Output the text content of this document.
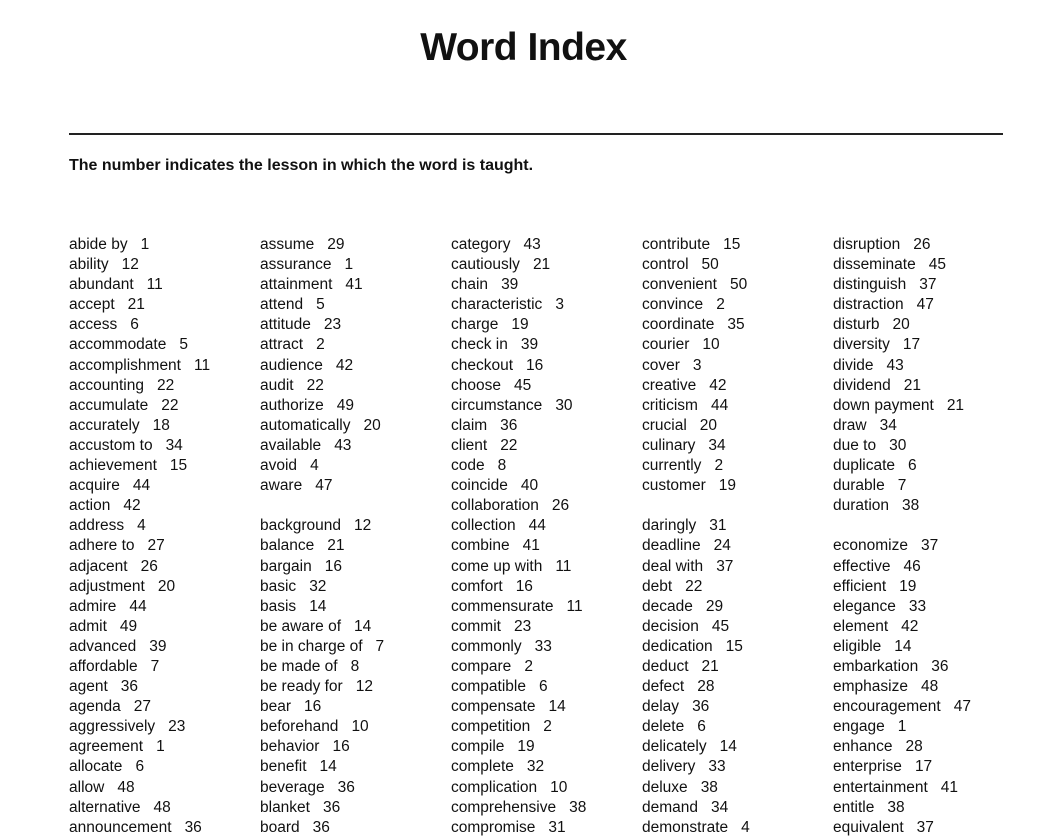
Word Index
The number indicates the lesson in which the word is taught.
abide by 1
ability 12
abundant 11
accept 21
access 6
accommodate 5
accomplishment 11
accounting 22
accumulate 22
accurately 18
accustom to 34
achievement 15
acquire 44
action 42
address 4
adhere to 27
adjacent 26
adjustment 20
admire 44
admit 49
advanced 39
affordable 7
agent 36
agenda 27
aggressively 23
agreement 1
allocate 6
allow 48
alternative 48
announcement 36
assume 29
assurance 1
attainment 41
attend 5
attitude 23
attract 2
audience 42
audit 22
authorize 49
automatically 20
available 43
avoid 4
aware 47
background 12
balance 21
bargain 16
basic 32
basis 14
be aware of 14
be in charge of 7
be made of 8
be ready for 12
bear 16
beforehand 10
behavior 16
benefit 14
beverage 36
blanket 36
board 36
category 43
cautiously 21
chain 39
characteristic 3
charge 19
check in 39
checkout 16
choose 45
circumstance 30
claim 36
client 22
code 8
coincide 40
collaboration 26
collection 44
combine 41
come up with 11
comfort 16
commensurate 11
commit 23
commonly 33
compare 2
compatible 6
compensate 14
competition 2
compile 19
complete 32
complication 10
comprehensive 38
compromise 31
contribute 15
control 50
convenient 50
convince 2
coordinate 35
courier 10
cover 3
creative 42
criticism 44
crucial 20
culinary 34
currently 2
customer 19
daringly 31
deadline 24
deal with 37
debt 22
decade 29
decision 45
dedication 15
deduct 21
defect 28
delay 36
delete 6
delicately 14
delivery 33
deluxe 38
demand 34
demonstrate 4
disruption 26
disseminate 45
distinguish 37
distraction 47
disturb 20
diversity 17
divide 43
dividend 21
down payment 21
draw 34
due to 30
duplicate 6
durable 7
duration 38
economize 37
effective 46
efficient 19
elegance 33
element 42
eligible 14
embarkation 36
emphasize 48
encouragement 47
engage 1
enhance 28
enterprise 17
entertainment 41
entitle 38
equivalent 37
